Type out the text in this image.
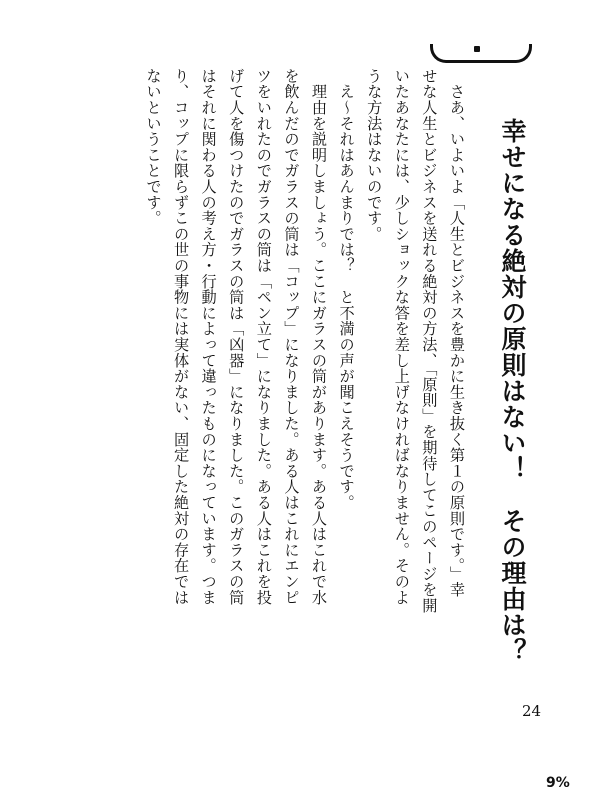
幸せになる絶対の原則はない！　その理由は？
　さあ、いよいよ「人生とビジネスを豊かに生き抜く第１の原則です。」幸
せな人生とビジネスを送れる絶対の方法、「原則」を期待してこのページを開
いたあなたには、少しショックな答を差し上げなければなりません。そのよ
うな方法はないのです。
　え～それはあんまりでは？　と不満の声が聞こえそうです。
　理由を説明しましょう。ここにガラスの筒があります。ある人はこれで水
を飲んだのでガラスの筒は「コップ」になりました。ある人はこれにエンピ
ツをいれたのでガラスの筒は「ペン立て」になりました。ある人はこれを投
げて人を傷つけたのでガラスの筒は「凶器」になりました。このガラスの筒
はそれに関わる人の考え方・行動によって違ったものになっています。つま
り、コップに限らずこの世の事物には実体がない、固定した絶対の存在では
ないということです。
24
9%
